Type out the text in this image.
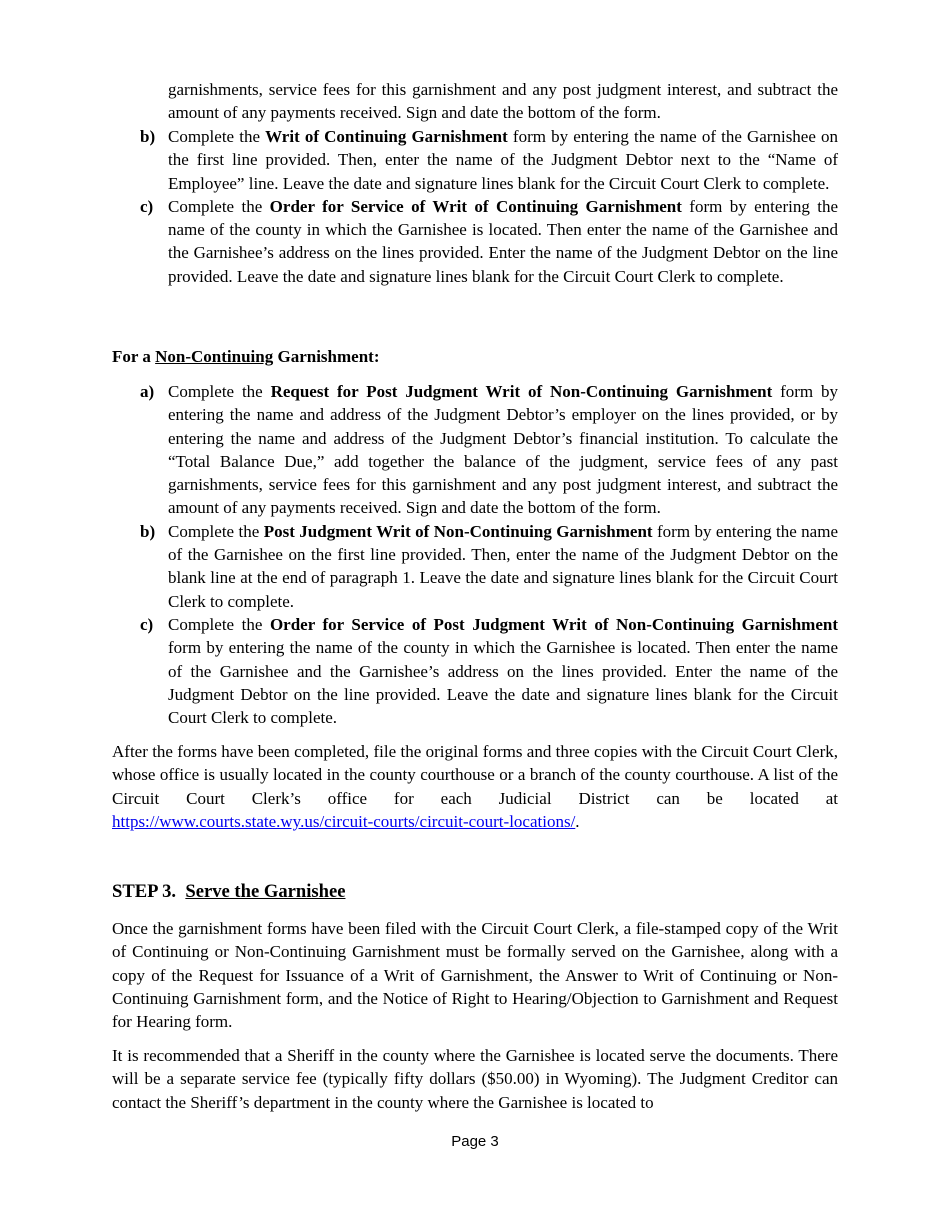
garnishments, service fees for this garnishment and any post judgment interest, and subtract the amount of any payments received. Sign and date the bottom of the form.

b) Complete the Writ of Continuing Garnishment form by entering the name of the Garnishee on the first line provided. Then, enter the name of the Judgment Debtor next to the “Name of Employee” line. Leave the date and signature lines blank for the Circuit Court Clerk to complete.
c) Complete the Order for Service of Writ of Continuing Garnishment form by entering the name of the county in which the Garnishee is located. Then enter the name of the Garnishee and the Garnishee’s address on the lines provided. Enter the name of the Judgment Debtor on the line provided. Leave the date and signature lines blank for the Circuit Court Clerk to complete.
For a Non-Continuing Garnishment:
a) Complete the Request for Post Judgment Writ of Non-Continuing Garnishment form by entering the name and address of the Judgment Debtor’s employer on the lines provided, or by entering the name and address of the Judgment Debtor’s financial institution. To calculate the “Total Balance Due,” add together the balance of the judgment, service fees of any past garnishments, service fees for this garnishment and any post judgment interest, and subtract the amount of any payments received. Sign and date the bottom of the form.
b) Complete the Post Judgment Writ of Non-Continuing Garnishment form by entering the name of the Garnishee on the first line provided. Then, enter the name of the Judgment Debtor on the blank line at the end of paragraph 1. Leave the date and signature lines blank for the Circuit Court Clerk to complete.
c) Complete the Order for Service of Post Judgment Writ of Non-Continuing Garnishment form by entering the name of the county in which the Garnishee is located. Then enter the name of the Garnishee and the Garnishee’s address on the lines provided. Enter the name of the Judgment Debtor on the line provided. Leave the date and signature lines blank for the Circuit Court Clerk to complete.

After the forms have been completed, file the original forms and three copies with the Circuit Court Clerk, whose office is usually located in the county courthouse or a branch of the county courthouse. A list of the Circuit Court Clerk’s office for each Judicial District can be located at https://www.courts.state.wy.us/circuit-courts/circuit-court-locations/.

STEP 3. Serve the Garnishee

Once the garnishment forms have been filed with the Circuit Court Clerk, a file-stamped copy of the Writ of Continuing or Non-Continuing Garnishment must be formally served on the Garnishee, along with a copy of the Request for Issuance of a Writ of Garnishment, the Answer to Writ of Continuing or Non-Continuing Garnishment form, and the Notice of Right to Hearing/Objection to Garnishment and Request for Hearing form.

It is recommended that a Sheriff in the county where the Garnishee is located serve the documents. There will be a separate service fee (typically fifty dollars ($50.00) in Wyoming). The Judgment Creditor can contact the Sheriff’s department in the county where the Garnishee is located to

Page 3
